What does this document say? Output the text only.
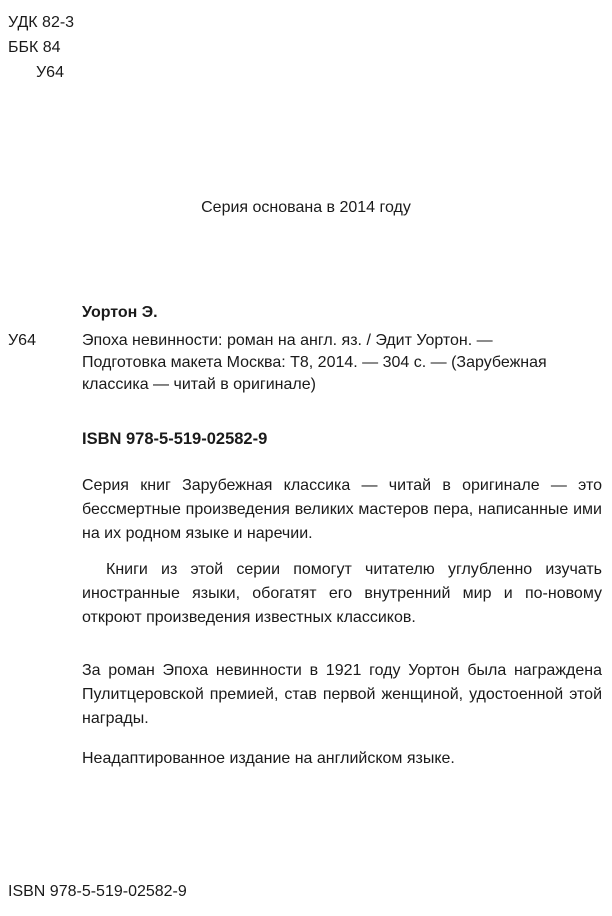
УДК 82-3
ББК 84
У64
Серия основана в 2014 году
Уортон Э.
У64	Эпоха невинности: роман на англ. яз. / Эдит Уортон. —
Подготовка макета Москва: Т8, 2014. — 304 с. — (Зарубежная
классика — читай в оригинале)
ISBN 978-5-519-02582-9

Серия книг Зарубежная классика — читай в оригинале — это бессмертные произведения великих мастеров пера, написанные ими на их родном языке и наречии.

Книги из этой серии помогут читателю углубленно изучать иностранные языки, обогатят его внутренний мир и по-новому откроют произведения известных классиков.

За роман Эпоха невинности в 1921 году Уортон была награждена Пулитцеровской премией, став первой женщиной, удостоенной этой награды.

Неадаптированное издание на английском языке.

ISBN 978-5-519-02582-9
